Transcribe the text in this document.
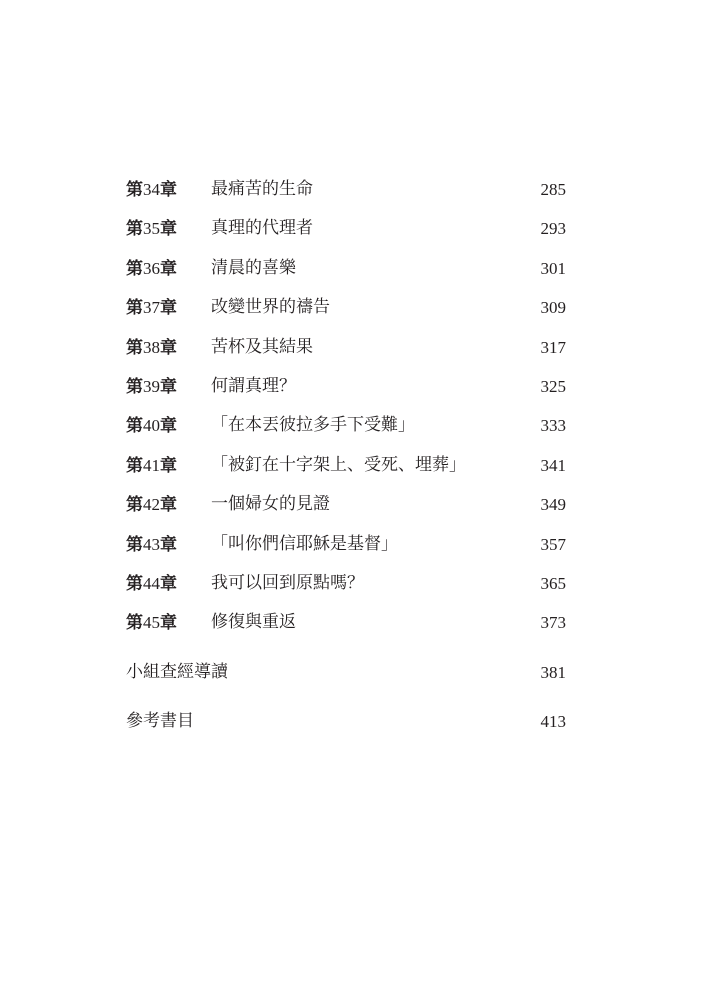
第34章 最痛苦的生命	285
第35章 真理的代理者	293
第36章 清晨的喜樂	301
第37章 改變世界的禱告	309
第38章 苦杯及其結果	317
第39章 何謂真理？	325
第40章 「在本丟彼拉多手下受難」	333
第41章 「被釘在十字架上、受死、埋葬」	341
第42章 一個婦女的見證	349
第43章 「叫你們信耶穌是基督」	357
第44章 我可以回到原點嗎？	365
第45章 修復與重返	373
小組查經導讀	381
參考書目	413
